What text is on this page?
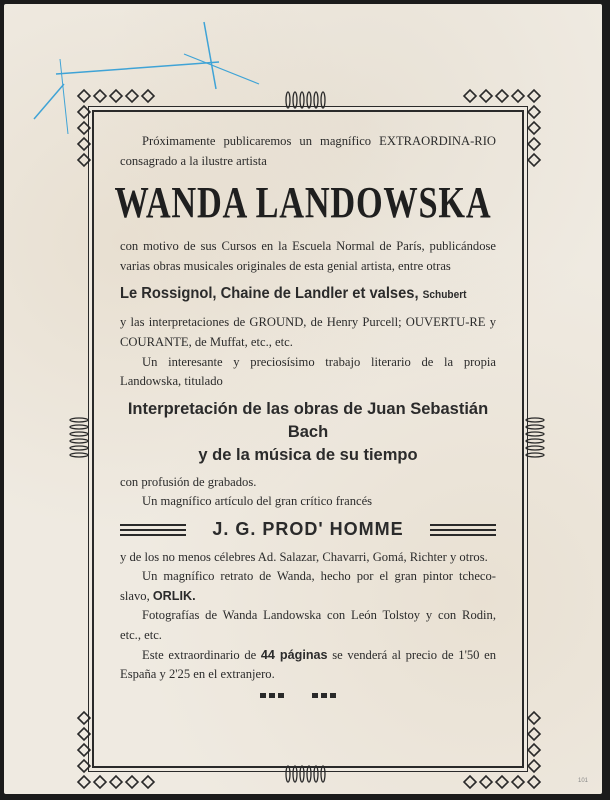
Próximamente publicaremos un magnífico EXTRAORDINA-RIO consagrado a la ilustre artista

WANDA LANDOWSKA

con motivo de sus Cursos en la Escuela Normal de París, publicándose varias obras musicales originales de esta genial artista, entre otras

Le Rossignol, Chaine de Landler et valses, Schubert

y las interpretaciones de GROUND, de Henry Purcell; OUVERTU-RE y COURANTE, de Muffat, etc., etc.

Un interesante y preciosísimo trabajo literario de la propia Landowska, titulado

Interpretación de las obras de Juan Sebastián Bach
y de la música de su tiempo

con profusión de grabados.

Un magnífico artículo del gran crítico francés

J. G. PROD' HOMME

y de los no menos célebres Ad. Salazar, Chavarri, Gomá, Richter y otros.

Un magnífico retrato de Wanda, hecho por el gran pintor tcheco-slavo, ORLIK.

Fotografías de Wanda Landowska con León Tolstoy y con Rodin, etc., etc.

Este extraordinario de 44 páginas se venderá al precio de 1'50 en España y 2'25 en el extranjero.

101
